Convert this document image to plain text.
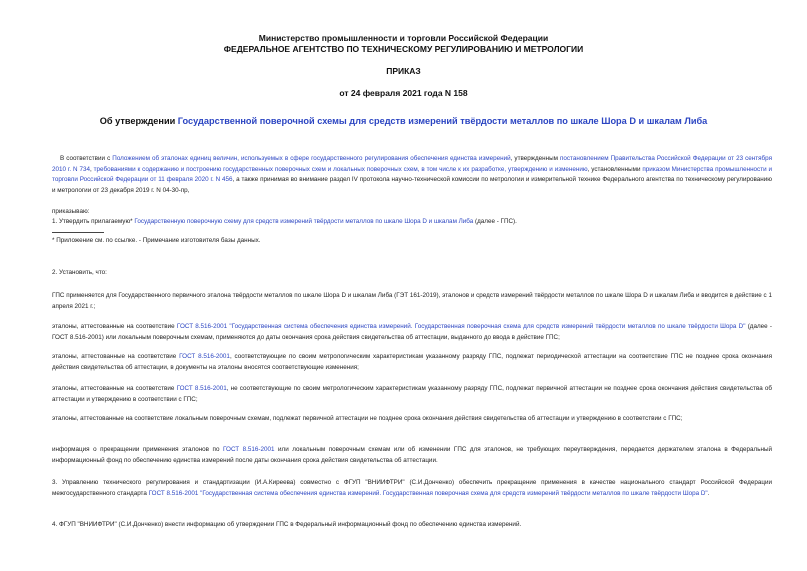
Министерство промышленности и торговли Российской Федерации
ФЕДЕРАЛЬНОЕ АГЕНТСТВО ПО ТЕХНИЧЕСКОМУ РЕГУЛИРОВАНИЮ И МЕТРОЛОГИИ
ПРИКАЗ
от 24 февраля 2021 года N 158
Об утверждении Государственной поверочной схемы для средств измерений твёрдости металлов по шкале Шора D и шкалам Либа
В соответствии с Положением об эталонах единиц величин, используемых в сфере государственного регулирования обеспечения единства измерений, утвержденным постановлением Правительства Российской Федерации от 23 сентября 2010 г. N 734, требованиями к содержанию и построению государственных поверочных схем и локальных поверочных схем, в том числе к их разработке, утверждению и изменению, установленными приказом Министерства промышленности и торговли Российской Федерации от 11 февраля 2020 г. N 456, а также принимая во внимание раздел IV протокола научно-технической комиссии по метрологии и измерительной технике Федерального агентства по техническому регулированию и метрологии от 23 декабря 2019 г. N 04-30-пр,
приказываю:
1. Утвердить прилагаемую* Государственную поверочную схему для средств измерений твёрдости металлов по шкале Шора D и шкалам Либа (далее - ГПС).
* Приложение см. по ссылке. - Примечание изготовителя базы данных.
2. Установить, что:
ГПС применяется для Государственного первичного эталона твёрдости металлов по шкале Шора D и шкалам Либа (ГЭТ 161-2019), эталонов и средств измерений твёрдости металлов по шкале Шора D и шкалам Либа и вводится в действие с 1 апреля 2021 г.;
эталоны, аттестованные на соответствие ГОСТ 8.516-2001 "Государственная система обеспечения единства измерений. Государственная поверочная схема для средств измерений твёрдости металлов по шкале твёрдости Шора D" (далее - ГОСТ 8.516-2001) или локальным поверочным схемам, применяются до даты окончания срока действия свидетельства об аттестации, выданного до ввода в действие ГПС;
эталоны, аттестованные на соответствие ГОСТ 8.516-2001, соответствующие по своим метрологическим характеристикам указанному разряду ГПС, подлежат периодической аттестации на соответствие ГПС не позднее срока окончания действия свидетельства об аттестации, в документы на эталоны вносятся соответствующие изменения;
эталоны, аттестованные на соответствие ГОСТ 8.516-2001, не соответствующие по своим метрологическим характеристикам указанному разряду ГПС, подлежат первичной аттестации не позднее срока окончания действия свидетельства об аттестации и утверждению в соответствии с ГПС;
эталоны, аттестованные на соответствие локальным поверочным схемам, подлежат первичной аттестации не позднее срока окончания действия свидетельства об аттестации и утверждению в соответствии с ГПС;
информация о прекращении применения эталонов по ГОСТ 8.516-2001 или локальным поверочным схемам или об изменении ГПС для эталонов, не требующих переутверждения, передается держателем эталона в Федеральный информационный фонд по обеспечению единства измерений после даты окончания срока действия свидетельства об аттестации.
3. Управлению технического регулирования и стандартизации (И.А.Киреева) совместно с ФГУП "ВНИИФТРИ" (С.И.Донченко) обеспечить прекращение применения в качестве национального стандарт Российской Федерации межгосударственного стандарта ГОСТ 8.516-2001 "Государственная система обеспечения единства измерений. Государственная поверочная схема для средств измерений твёрдости металлов по шкале твёрдости Шора D".
4. ФГУП "ВНИИФТРИ" (С.И.Донченко) внести информацию об утверждении ГПС в Федеральный информационный фонд по обеспечению единства измерений.
